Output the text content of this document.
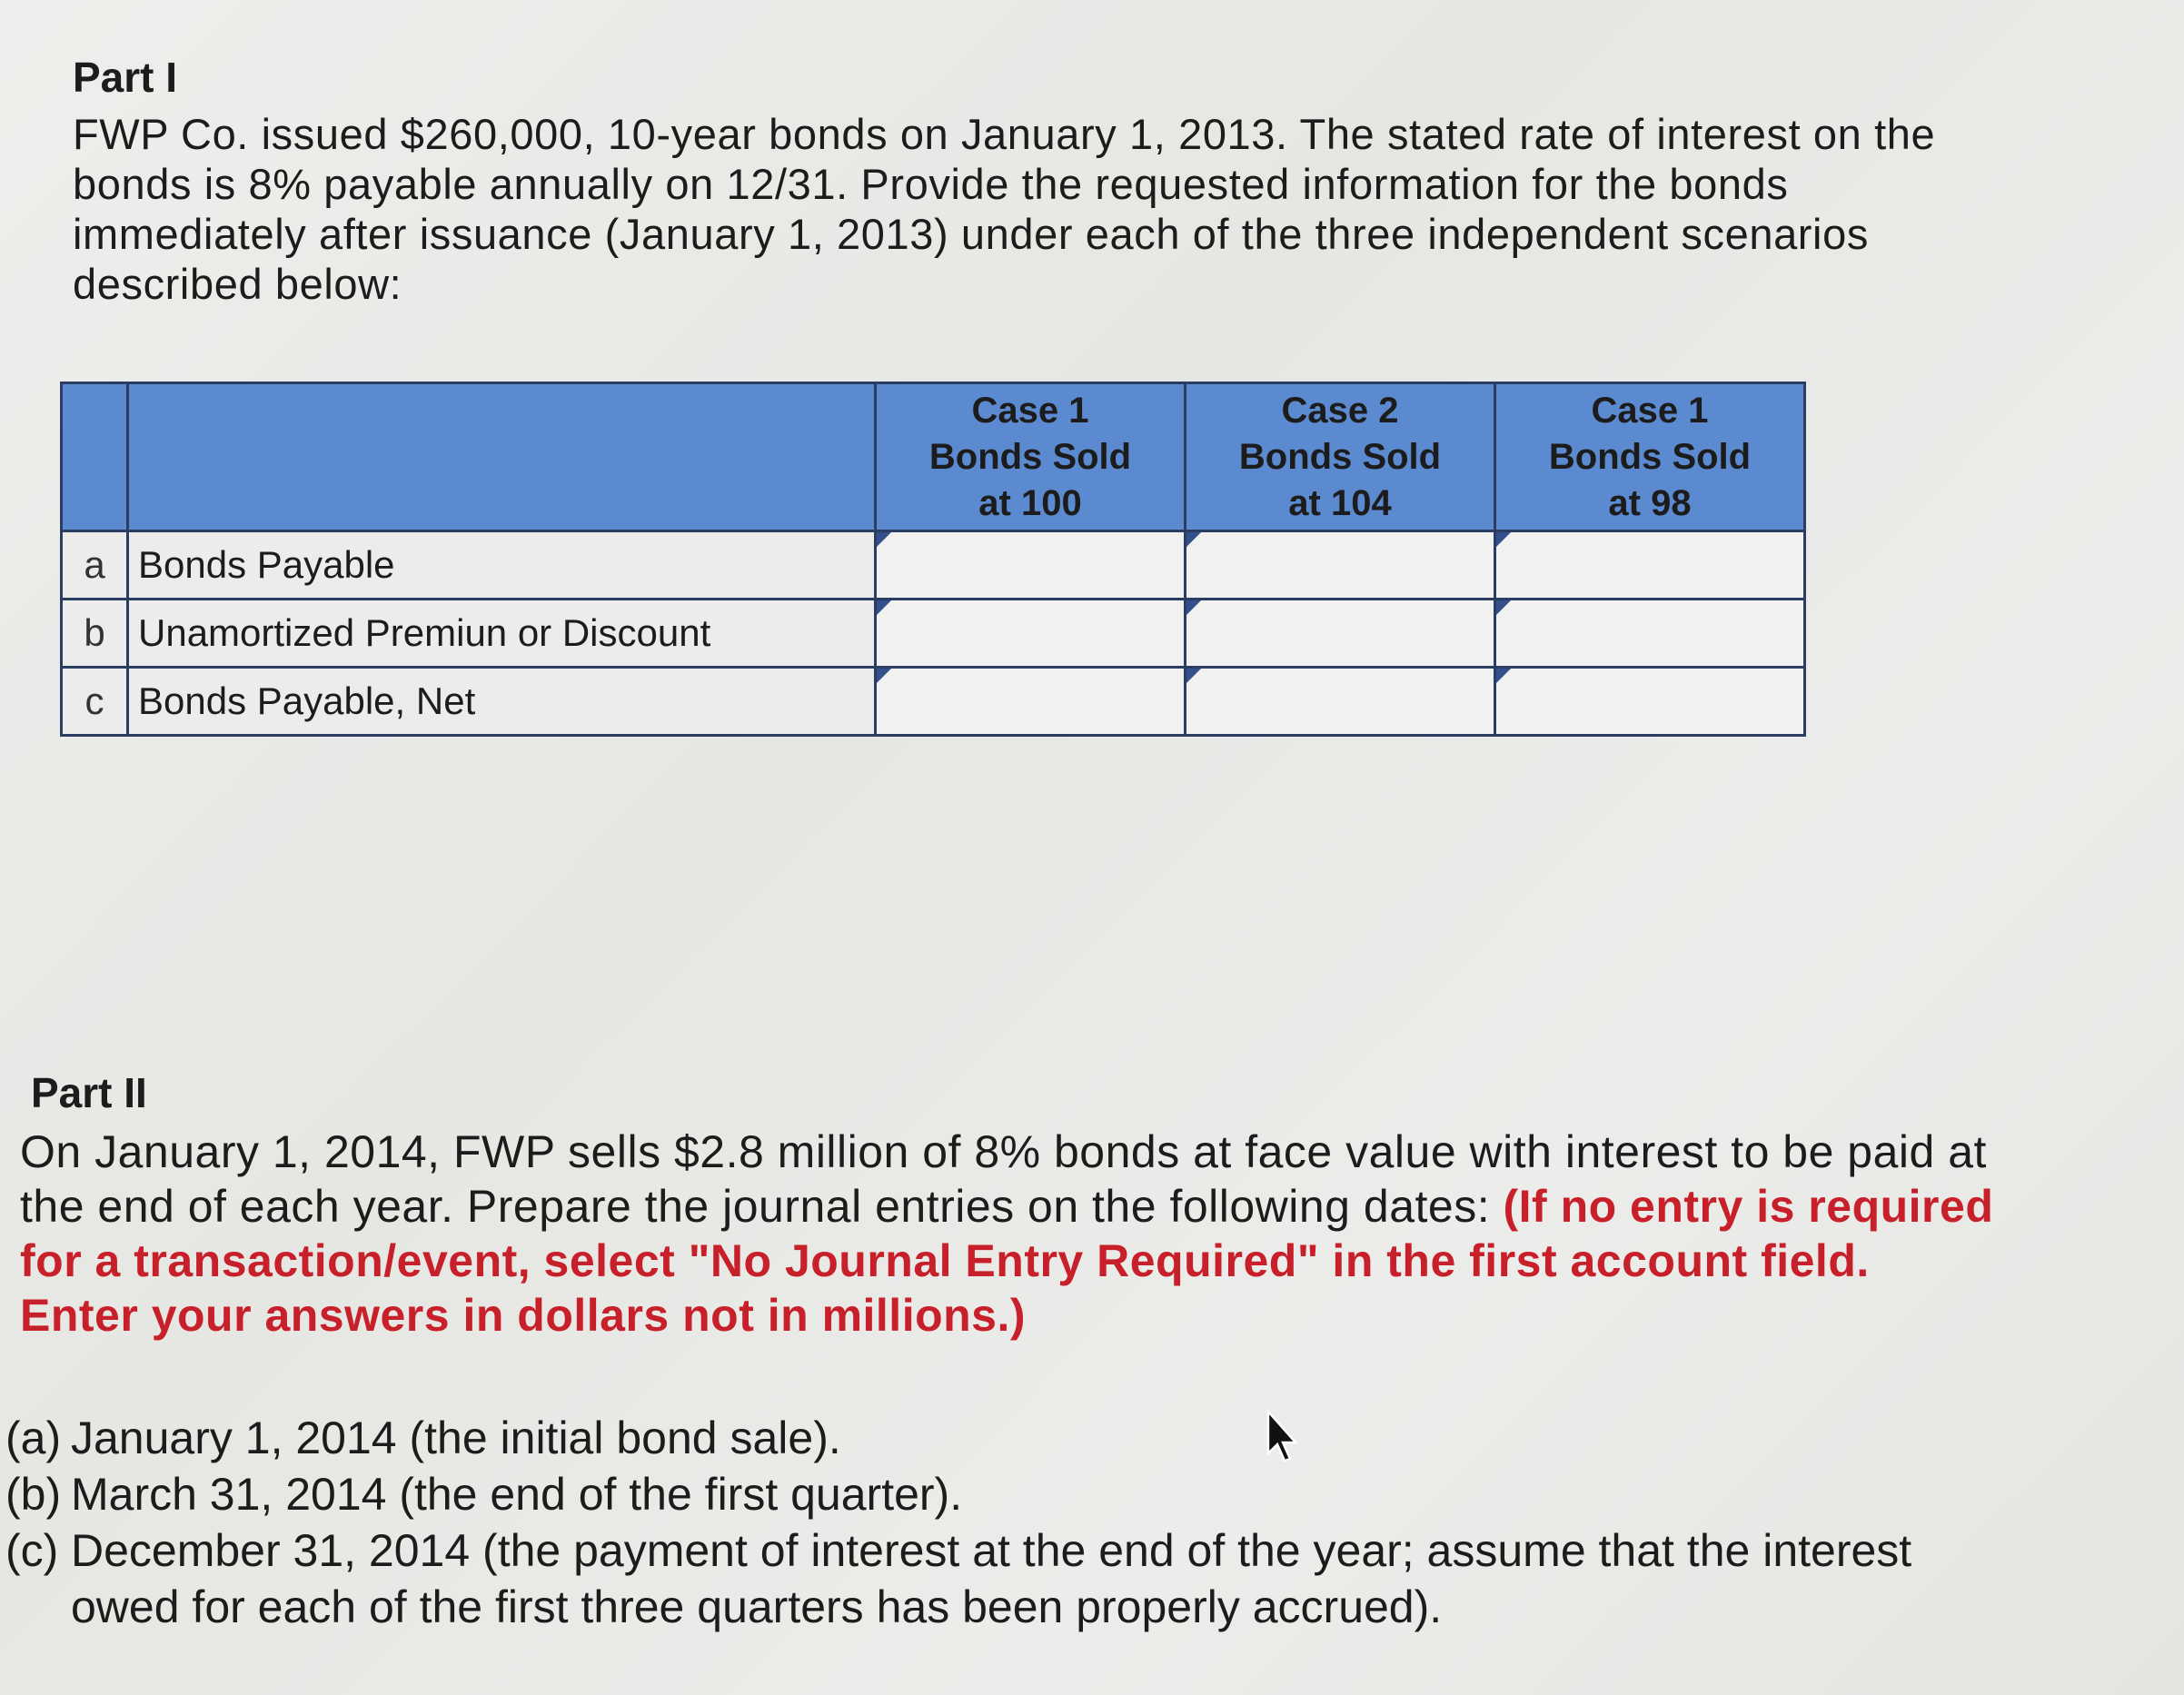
Part I

FWP Co. issued $260,000, 10-year bonds on January 1, 2013. The stated rate of interest on the bonds is 8% payable annually on 12/31. Provide the requested information for the bonds immediately after issuance (January 1, 2013) under each of the three independent scenarios described below:

		Case 1
Bonds Sold
at 100	Case 2
Bonds Sold
at 104	Case 1
Bonds Sold
at 98

a	Bonds Payable	

b	Unamortized Premiun or Discount	

c	Bonds Payable, Net	

Part II

On January 1, 2014, FWP sells $2.8 million of 8% bonds at face value with interest to be paid at the end of each year. Prepare the journal entries on the following dates: (If no entry is required for a transaction/event, select "No Journal Entry Required" in the first account field. Enter your answers in dollars not in millions.)

(a) January 1, 2014 (the initial bond sale).
(b) March 31, 2014 (the end of the first quarter).
(c) December 31, 2014 (the payment of interest at the end of the year; assume that the interest owed for each of the first three quarters has been properly accrued).
